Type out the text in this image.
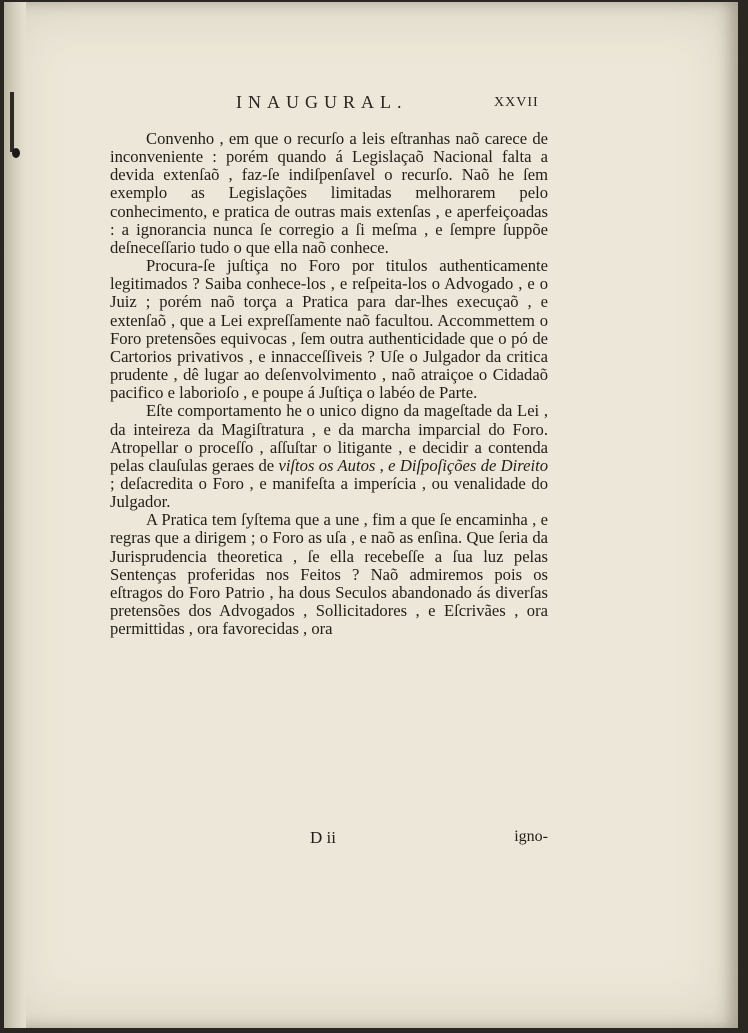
INAUGURAL.	XXVII

Convenho , em que o recurſo a leis eſtranhas naõ carece de inconveniente : porém quando á Legislaçaõ Nacional falta a devida extenſaõ , faz-ſe indiſpenſavel o recurſo. Naõ he ſem exemplo as Legislações limitadas melhorarem pelo conhecimento, e pratica de outras mais extenſas , e aperfeiçoadas : a ignorancia nunca ſe corregio a ſi meſma , e ſempre ſuppõe deſneceſſario tudo o que ella naõ conhece.

Procura-ſe juſtiça no Foro por titulos authenticamente legitimados ? Saiba conhece-los , e reſpeita-los o Advogado , e o Juiz ; porém naõ torça a Pratica para dar-lhes execuçaõ , e extenſaõ , que a Lei expreſſamente naõ facultou. Accommettem o Foro pretensões equivocas , ſem outra authenticidade que o pó de Cartorios privativos , e innacceſſiveis ? Uſe o Julgador da critica prudente , dê lugar ao deſenvolvimento , naõ atraiçoe o Cidadaõ pacifico e laborioſo , e poupe á Juſtiça o labéo de Parte.

Eſte comportamento he o unico digno da mageſtade da Lei , da inteireza da Magiſtratura , e da marcha imparcial do Foro. Atropellar o proceſſo , aſſuſtar o litigante , e decidir a contenda pelas clauſulas geraes de viſtos os Autos , e Diſpoſições de Direito ; deſacredita o Foro , e manifeſta a imperícia , ou venalidade do Julgador.

A Pratica tem ſyſtema que a une , fim a que ſe encaminha , e regras que a dirigem ; o Foro as uſa , e naõ as enſina. Que ſeria da Jurisprudencia theoretica , ſe ella recebeſſe a ſua luz pelas Sentenças proferidas nos Feitos ? Naõ admiremos pois os eſtragos do Foro Patrio , ha dous Seculos abandonado ás diverſas pretensões dos Advogados , Sollicitadores , e Eſcrivães , ora permittidas , ora favorecidas , ora

D ii	igno-
